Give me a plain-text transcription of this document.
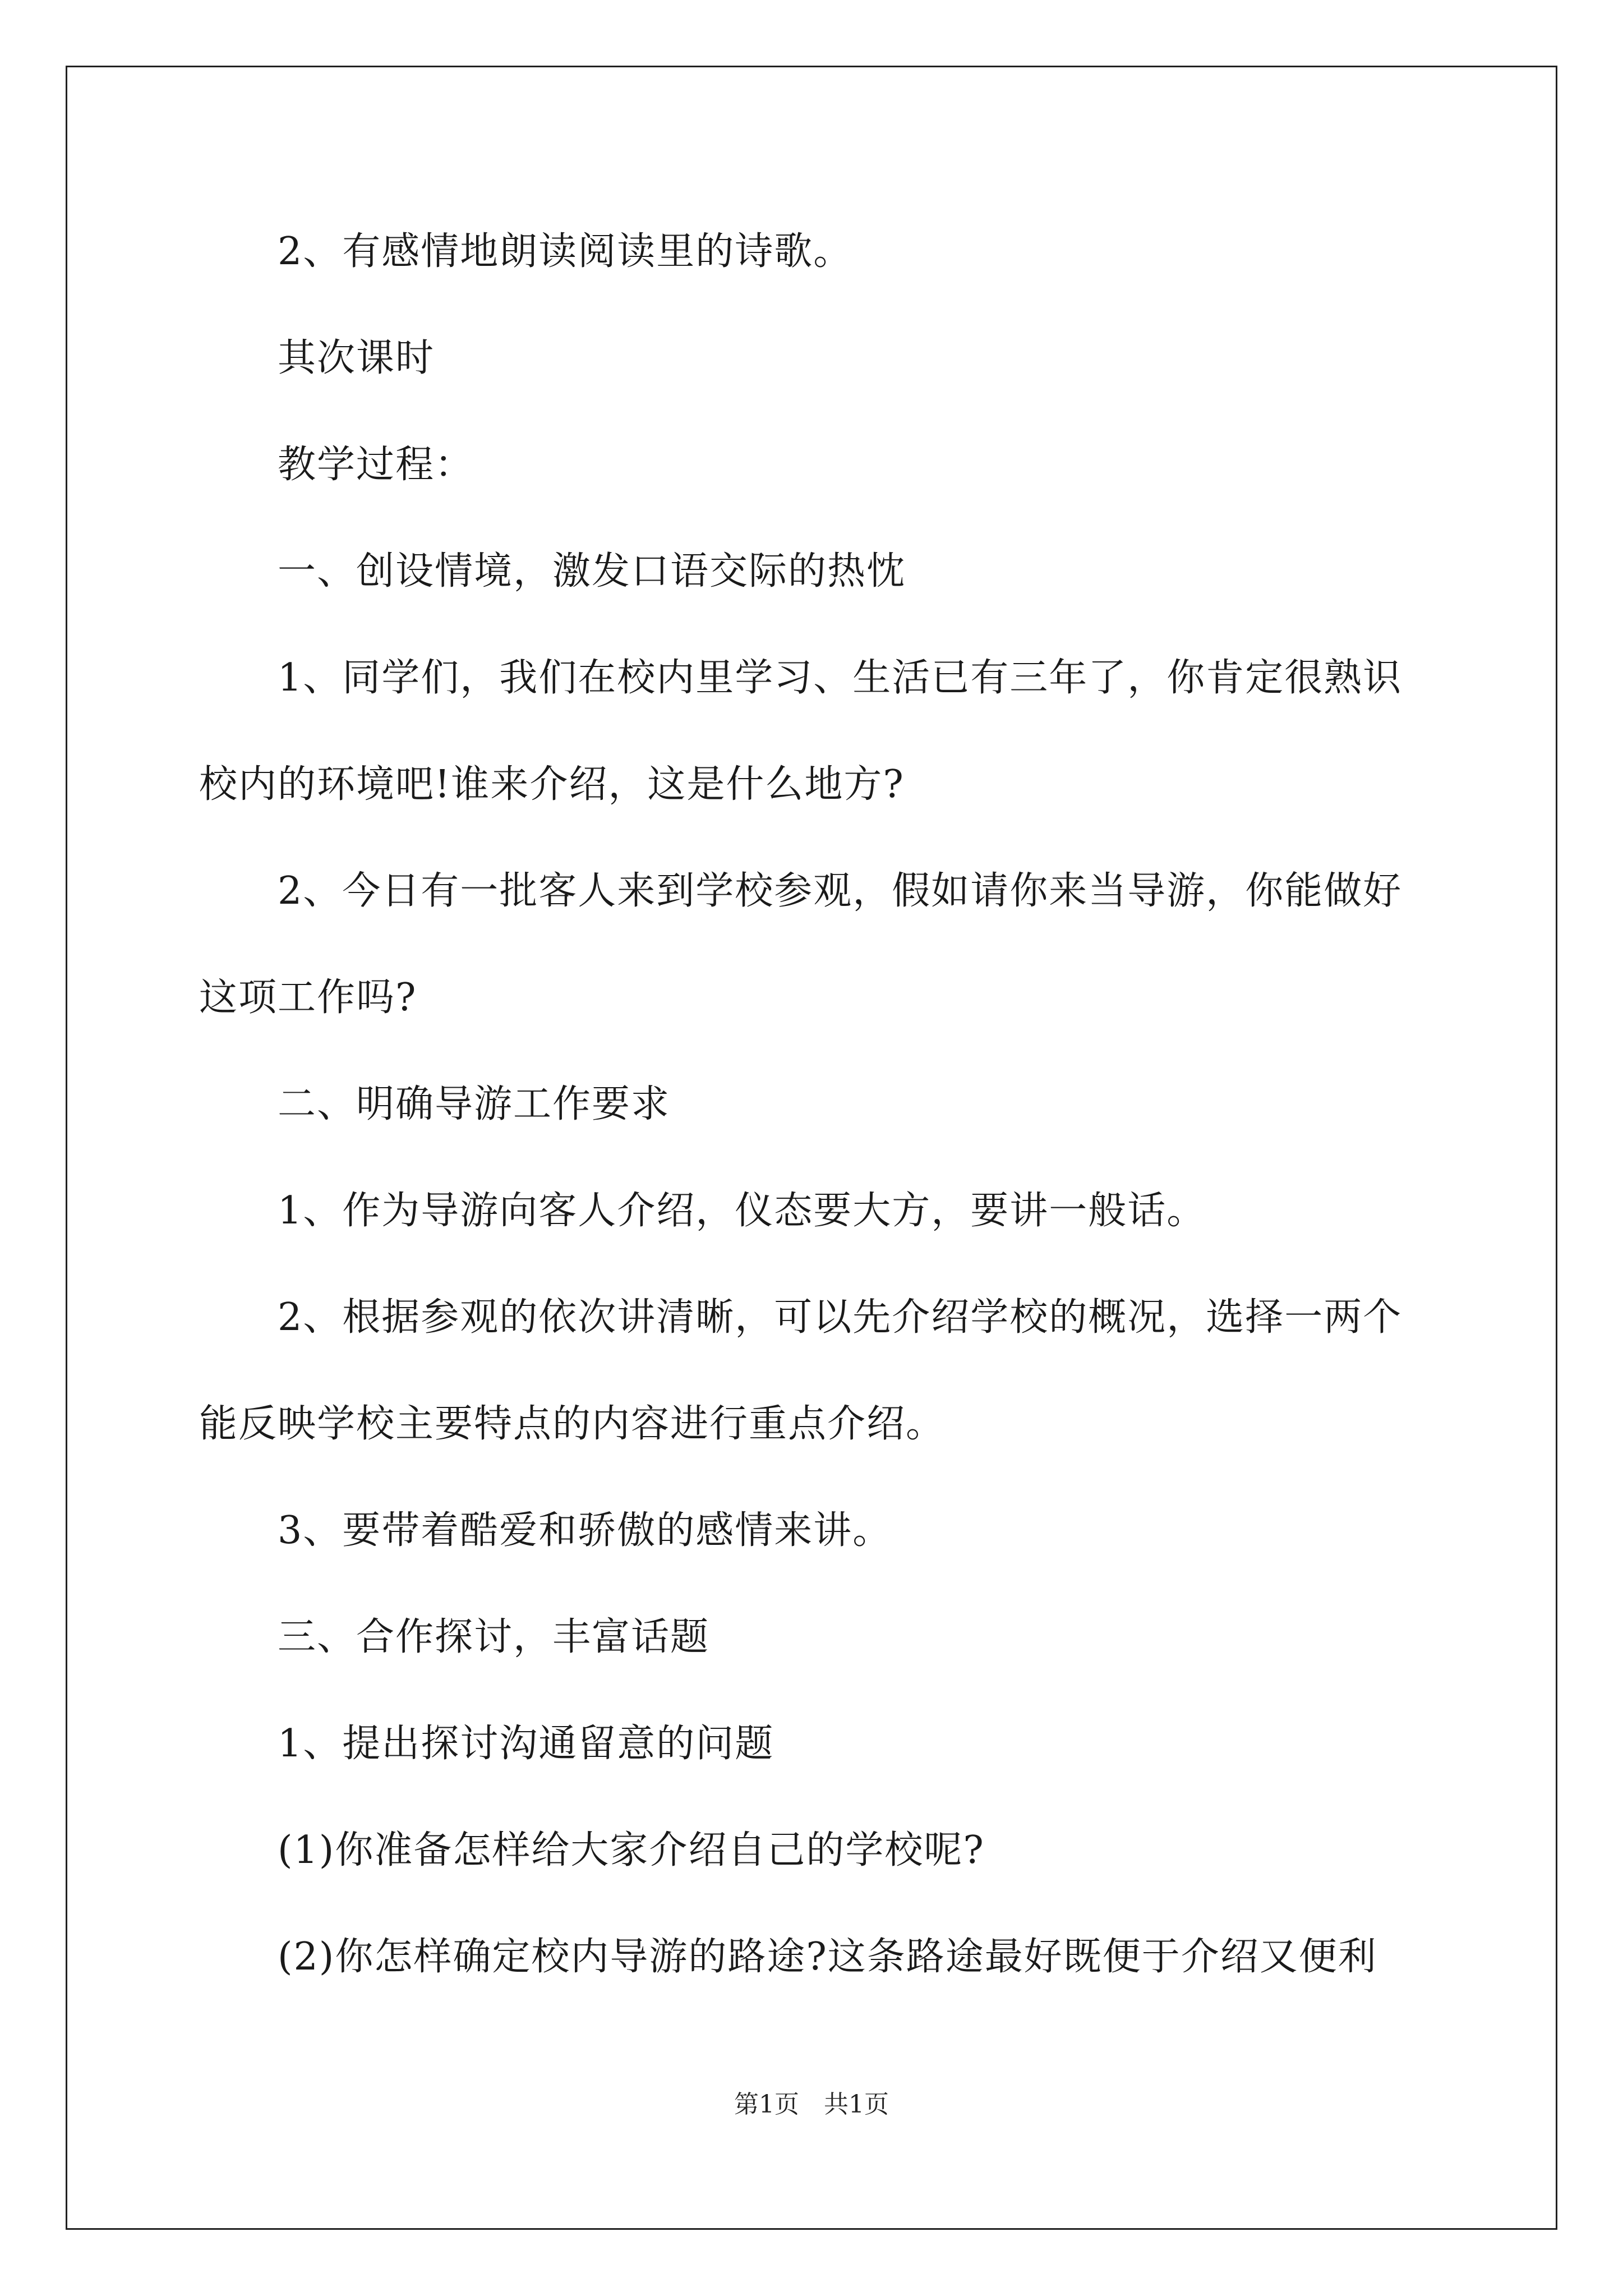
2、有感情地朗读阅读里的诗歌。
其次课时
教学过程：
一、创设情境，激发口语交际的热忱
1、同学们，我们在校内里学习、生活已有三年了，你肯定很熟识
校内的环境吧!谁来介绍，这是什么地方?
2、今日有一批客人来到学校参观，假如请你来当导游，你能做好
这项工作吗?
二、明确导游工作要求
1、作为导游向客人介绍，仪态要大方，要讲一般话。
2、根据参观的依次讲清晰，可以先介绍学校的概况，选择一两个
能反映学校主要特点的内容进行重点介绍。
3、要带着酷爱和骄傲的感情来讲。
三、合作探讨，丰富话题
1、提出探讨沟通留意的问题
(1)你准备怎样给大家介绍自己的学校呢?
(2)你怎样确定校内导游的路途?这条路途最好既便于介绍又便利
第1页　共1页
